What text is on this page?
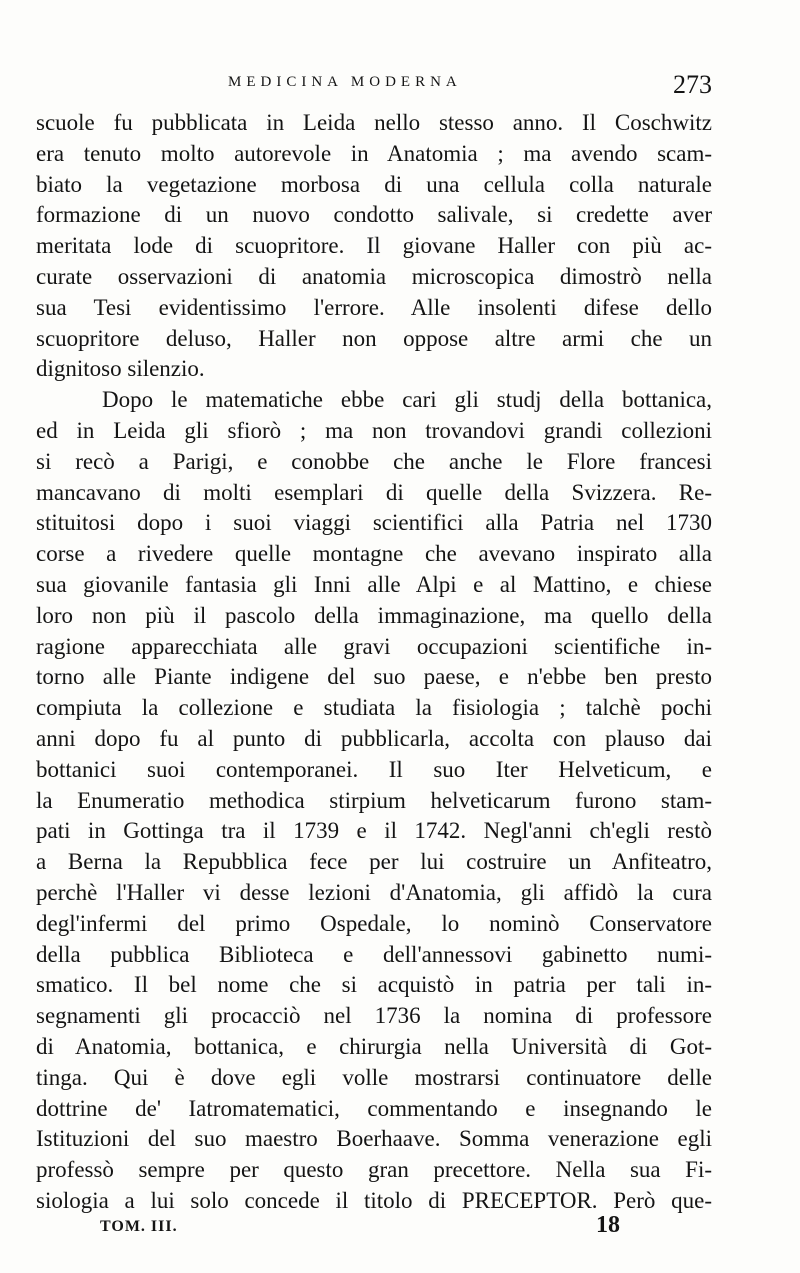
MEDICINA MODERNA	273
scuole fu pubblicata in Leida nello stesso anno. Il Coschwitz
era tenuto molto autorevole in Anatomia ; ma avendo scam-
biato la vegetazione morbosa di una cellula colla naturale
formazione di un nuovo condotto salivale, si credette aver
meritata lode di scuopritore. Il giovane Haller con più ac-
curate osservazioni di anatomia microscopica dimostrò nella
sua Tesi evidentissimo l'errore. Alle insolenti difese dello
scuopritore deluso, Haller non oppose altre armi che un
dignitoso silenzio.
Dopo le matematiche ebbe cari gli studj della bottanica,
ed in Leida gli sfiorò ; ma non trovandovi grandi collezioni
si recò a Parigi, e conobbe che anche le Flore francesi
mancavano di molti esemplari di quelle della Svizzera. Re-
stituitosi dopo i suoi viaggi scientifici alla Patria nel 1730
corse a rivedere quelle montagne che avevano inspirato alla
sua giovanile fantasia gli Inni alle Alpi e al Mattino, e chiese
loro non più il pascolo della immaginazione, ma quello della
ragione apparecchiata alle gravi occupazioni scientifiche in-
torno alle Piante indigene del suo paese, e n'ebbe ben presto
compiuta la collezione e studiata la fisiologia ; talchè pochi
anni dopo fu al punto di pubblicarla, accolta con plauso dai
bottanici suoi contemporanei. Il suo Iter Helveticum, e
la Enumeratio methodica stirpium helveticarum furono stam-
pati in Gottinga tra il 1739 e il 1742. Negl'anni ch'egli restò
a Berna la Repubblica fece per lui costruire un Anfiteatro,
perchè l'Haller vi desse lezioni d'Anatomia, gli affidò la cura
degl'infermi del primo Ospedale, lo nominò Conservatore
della pubblica Biblioteca e dell'annessovi gabinetto numi-
smatico. Il bel nome che si acquistò in patria per tali in-
segnamenti gli procacciò nel 1736 la nomina di professore
di Anatomia, bottanica, e chirurgia nella Università di Got-
tinga. Qui è dove egli volle mostrarsi continuatore delle
dottrine de' Iatromatematici, commentando e insegnando le
Istituzioni del suo maestro Boerhaave. Somma venerazione egli
professò sempre per questo gran precettore. Nella sua Fi-
siologia a lui solo concede il titolo di PRECEPTOR. Però que-
TOM. III.	18
